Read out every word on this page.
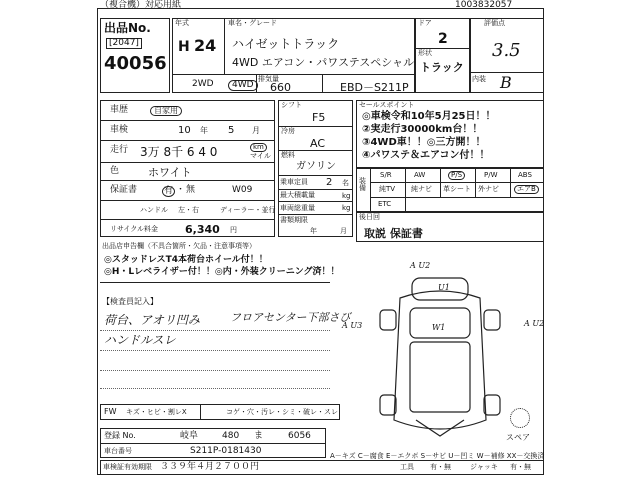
（複合機）対応用紙	1003832057
出品No.
[2047]
40056
年式
H 24
車名・グレード
ハイゼットトラック
4WD エアコン・パワステスペシャル
2WD	4WD
排気量
660	EBD－S211P
ドア
2
形状
トラック
評価点
3.5
内装 B
車歴	自家用
車検	10 年 5 月
走行 3万 8千 6 4 0	km
マイル
色	ホワイト
保証書	有 ・ 無	W09
ハンドル 左・右	ディーラー・並行
リサイクル料金 6,340 円
シフト
F5
冷房
AC
燃料
ガソリン
乗車定員 2 名
最大積載量	kg
車両総重量	kg
書類期限
年	月
セールスポイント
◎車検令和10年5月25日！！
②実走行30000km台！！
③4WD車！！◎三方開！！
④パワステ＆エアコン付！！
装備
S/R	AW	P/S	P/W	ABS
純TV 純ナビ 革シート 外ナビ	エアB
ETC
後日回
取説 保証書
出品店申告欄（不具合箇所・欠品・注意事項等）
◎スタッドレスT4本荷台ホイール付！！
◎H・Lレベライザー付！！◎内・外装クリーニング済！！
【検査員記入】
荷台、アオリ凹み	フロアセンター下部さび
ハンドルスレ
A U2
U1
W1
A U3	A U2
スペア
FW キズ・ヒビ・割レX	コゲ・穴・汚レ・シミ・破レ・スレ
登録 No.	岐阜	480 ま	6056
車台番号	S211P-0181430	A－キズ C－腐食 E－エクボ S－サビ U－凹ミ W－補修 XX－交換済
車検証有効期限 ３３９年４月２７００円	工具 有・無	ジャッキ 有・無
